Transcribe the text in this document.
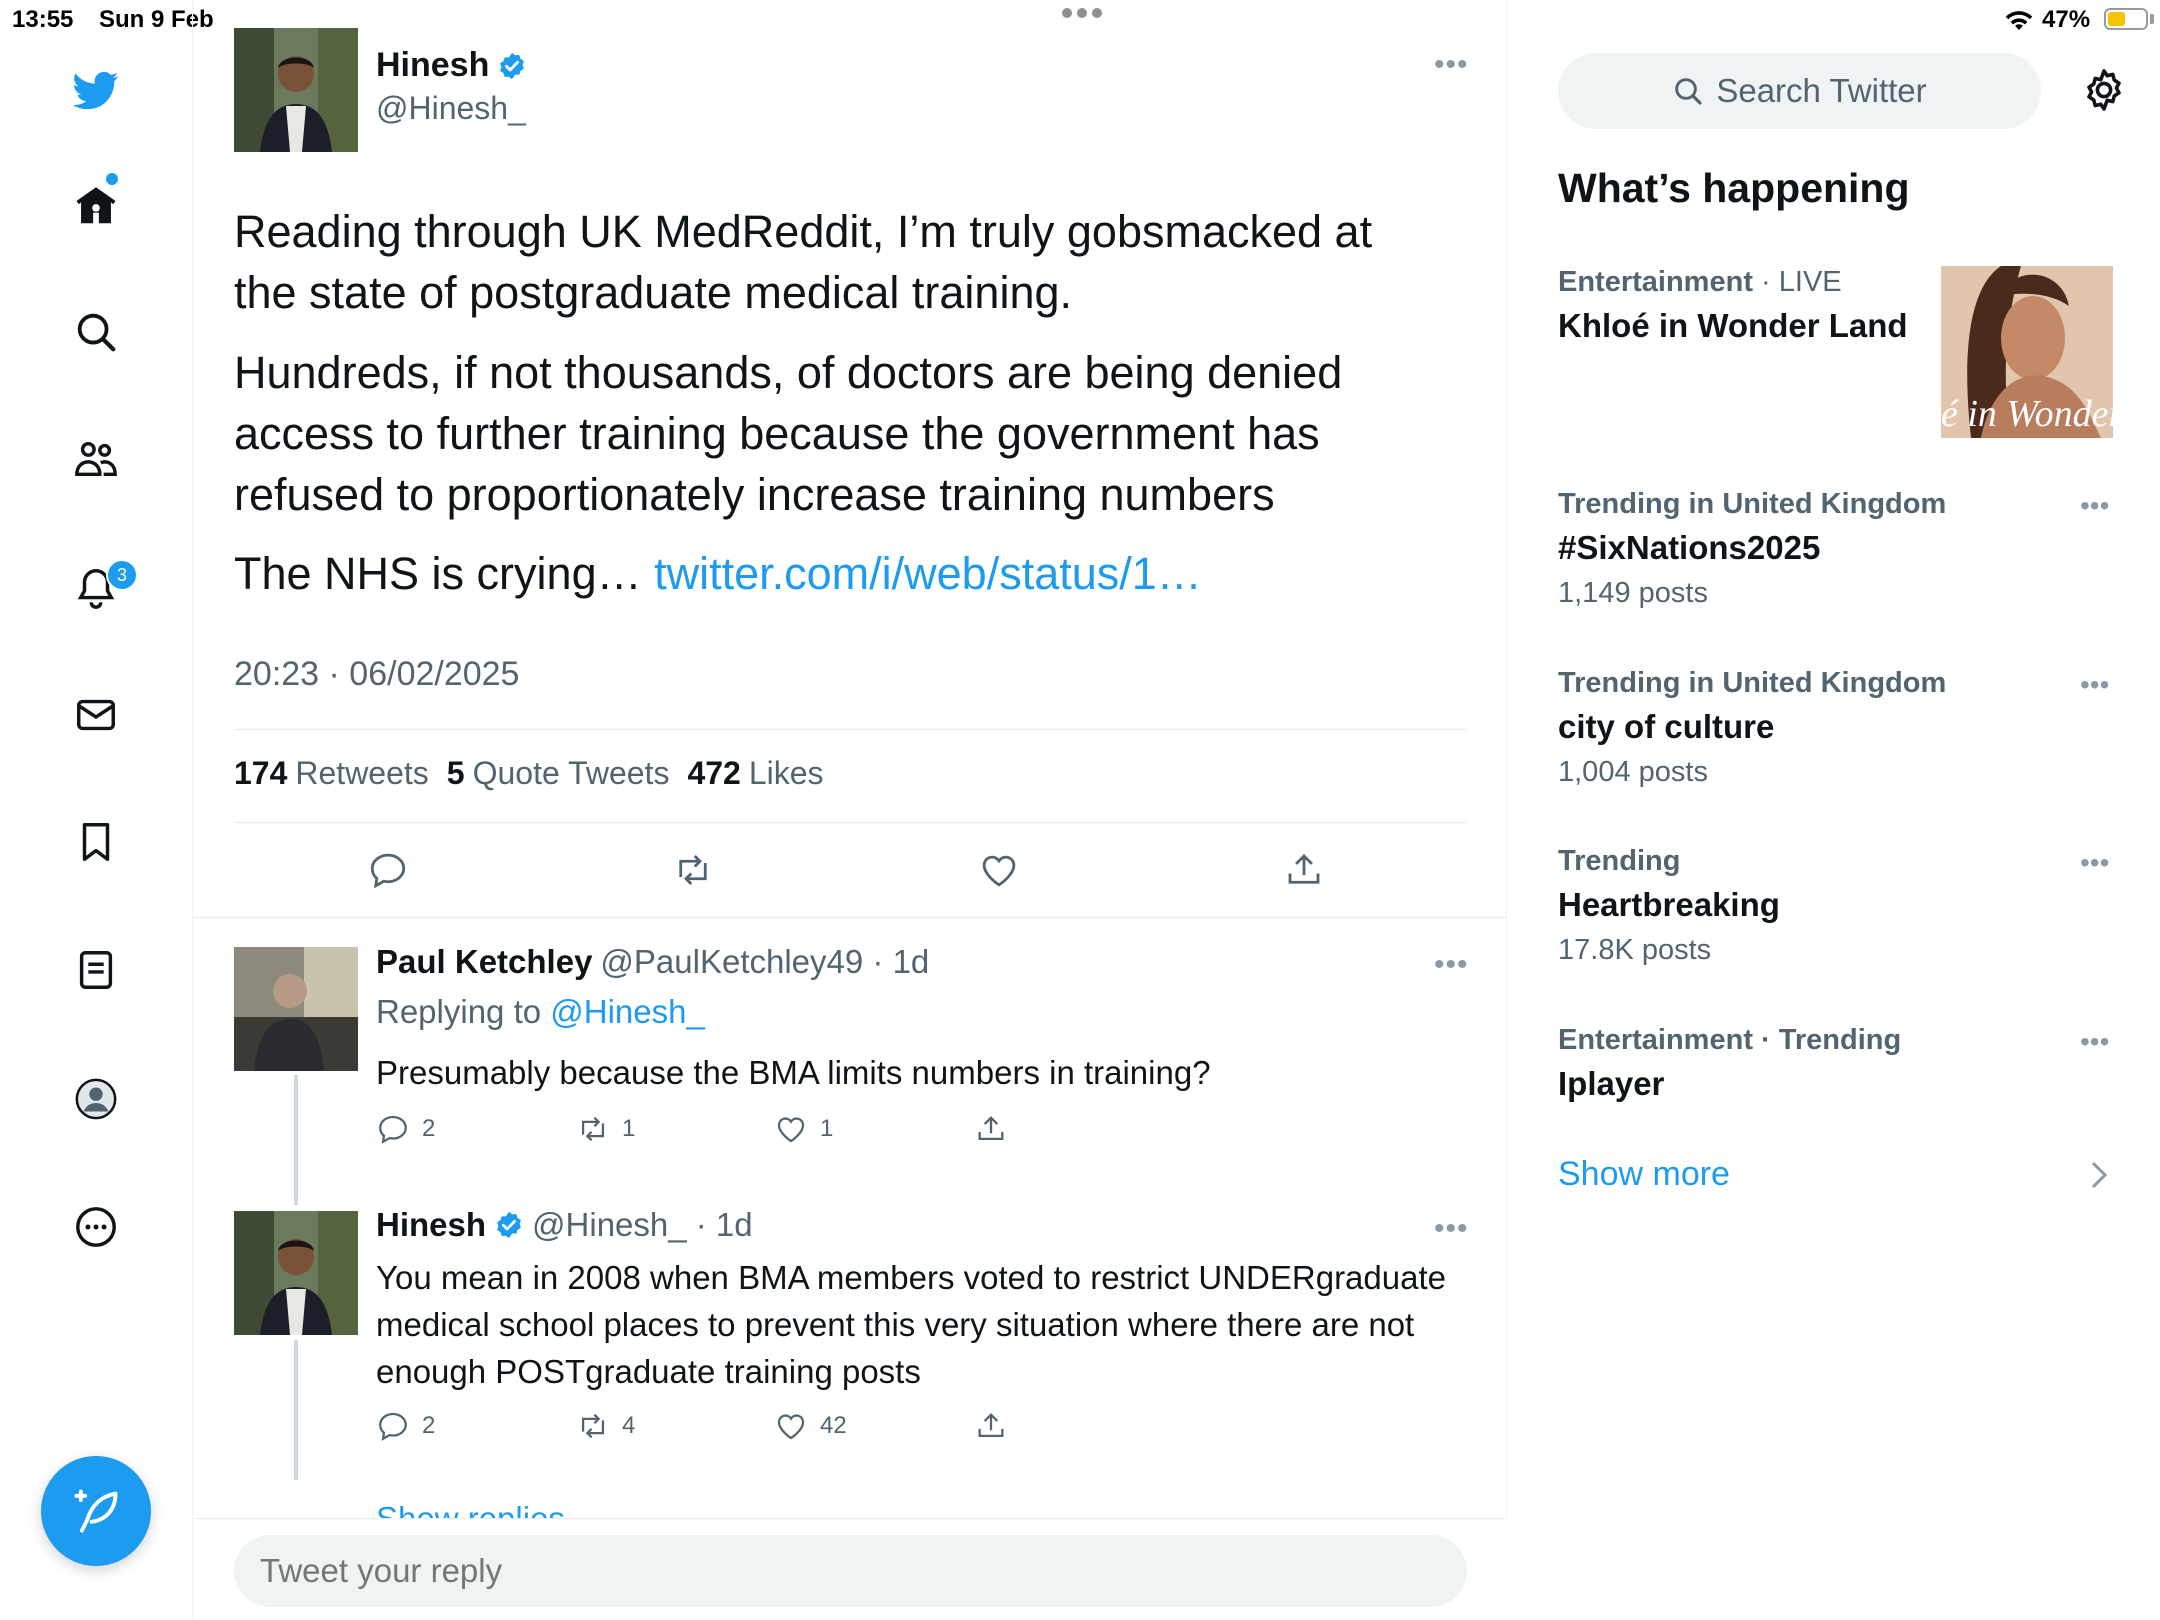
13:55 Sun 9 Feb	47%
3
Hinesh
@Hinesh_
•••
Reading through UK MedReddit, I’m truly gobsmacked at the state of postgraduate medical training.
Hundreds, if not thousands, of doctors are being denied access to further training because the government has refused to proportionately increase training numbers
The NHS is crying… twitter.com/i/web/status/1…
20:23 · 06/02/2025
174 Retweets 5 Quote Tweets 472 Likes
Paul Ketchley @PaulKetchley49 · 1d	•••
Replying to @Hinesh_
Presumably because the BMA limits numbers in training?
2	1	1
Hinesh @Hinesh_ · 1d	•••
You mean in 2008 when BMA members voted to restrict UNDERgraduate medical school places to prevent this very situation where there are not enough POSTgraduate training posts
2	4	42
Tweet your reply
Search Twitter
What’s happening
Entertainment · LIVE
Khloé in Wonder Land
é in Wonder L
Trending in United Kingdom
#SixNations2025
1,149 posts
•••
Trending in United Kingdom
city of culture
1,004 posts
•••
Trending
Heartbreaking
17.8K posts
•••
Entertainment · Trending
Iplayer
•••
Show more
